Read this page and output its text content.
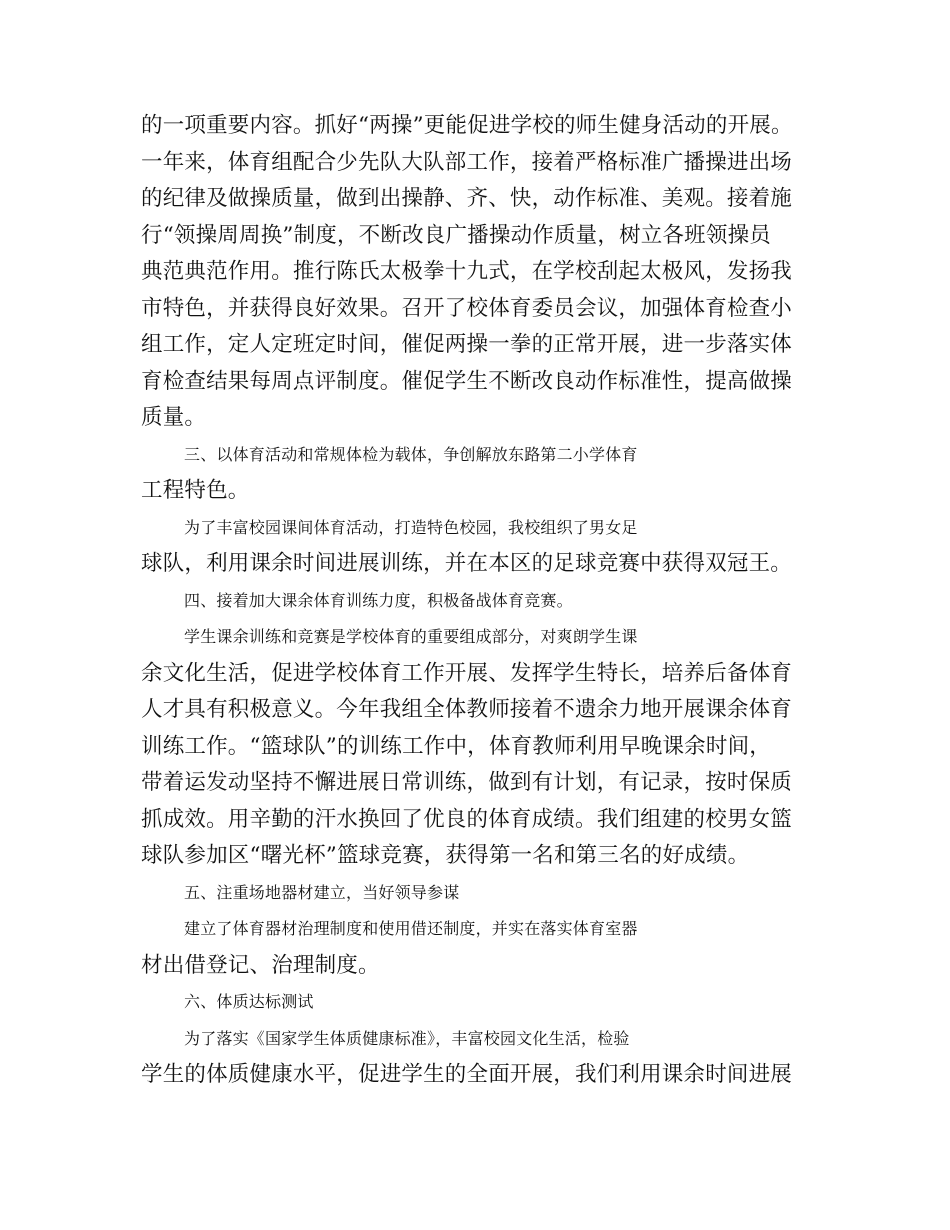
的一项重要内容。抓好“两操”更能促进学校的师生健身活动的开展。
一年来，体育组配合少先队大队部工作，接着严格标准广播操进出场
的纪律及做操质量，做到出操静、齐、快，动作标准、美观。接着施
行“领操周周换”制度，不断改良广播操动作质量，树立各班领操员
典范典范作用。推行陈氏太极拳十九式，在学校刮起太极风，发扬我
市特色，并获得良好效果。召开了校体育委员会议，加强体育检查小
组工作，定人定班定时间，催促两操一拳的正常开展，进一步落实体
育检查结果每周点评制度。催促学生不断改良动作标准性，提高做操
质量。
三、以体育活动和常规体检为载体，争创解放东路第二小学体育
工程特色。
为了丰富校园课间体育活动，打造特色校园，我校组织了男女足
球队，利用课余时间进展训练，并在本区的足球竞赛中获得双冠王。
四、接着加大课余体育训练力度，积极备战体育竞赛。
学生课余训练和竞赛是学校体育的重要组成部分，对爽朗学生课
余文化生活，促进学校体育工作开展、发挥学生特长，培养后备体育
人才具有积极意义。今年我组全体教师接着不遗余力地开展课余体育
训练工作。“篮球队”的训练工作中，体育教师利用早晚课余时间，
带着运发动坚持不懈进展日常训练，做到有计划，有记录，按时保质
抓成效。用辛勤的汗水换回了优良的体育成绩。我们组建的校男女篮
球队参加区“曙光杯”篮球竞赛，获得第一名和第三名的好成绩。
五、注重场地器材建立，当好领导参谋
建立了体育器材治理制度和使用借还制度，并实在落实体育室器
材出借登记、治理制度。
六、体质达标测试
为了落实《国家学生体质健康标准》，丰富校园文化生活，检验
学生的体质健康水平，促进学生的全面开展，我们利用课余时间进展
